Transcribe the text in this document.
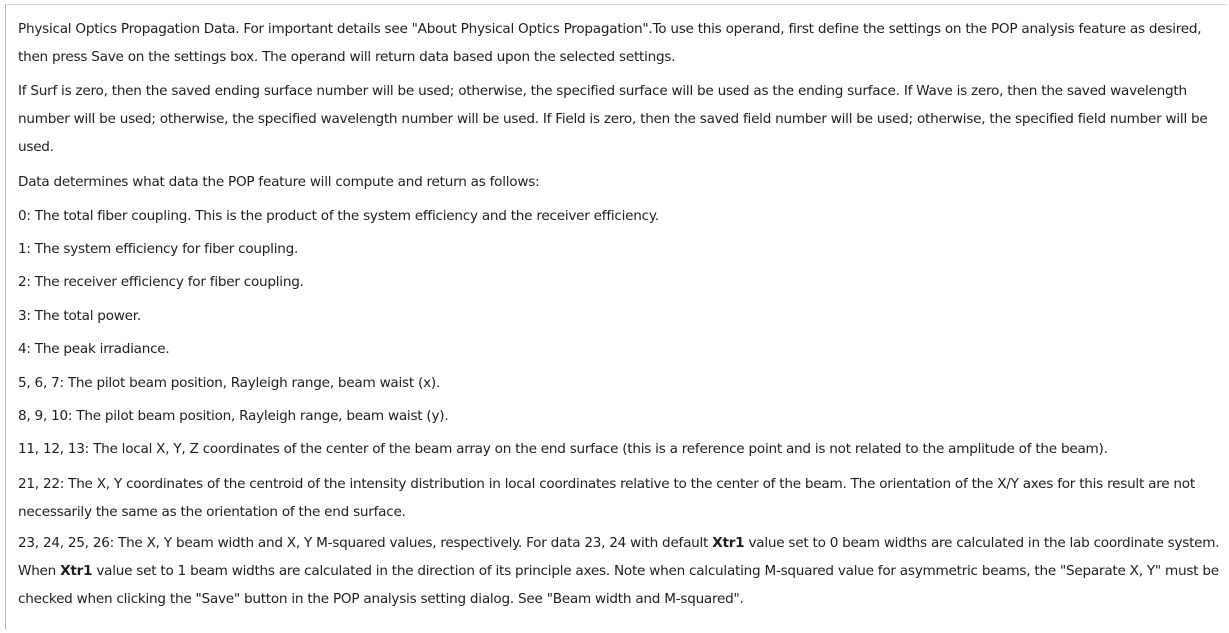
Physical Optics Propagation Data. For important details see "About Physical Optics Propagation".To use this operand, first define the settings on the POP analysis feature as desired, then press Save on the settings box. The operand will return data based upon the selected settings.

If Surf is zero, then the saved ending surface number will be used; otherwise, the specified surface will be used as the ending surface. If Wave is zero, then the saved wavelength number will be used; otherwise, the specified wavelength number will be used. If Field is zero, then the saved field number will be used; otherwise, the specified field number will be used.

Data determines what data the POP feature will compute and return as follows:

0: The total fiber coupling. This is the product of the system efficiency and the receiver efficiency.

1: The system efficiency for fiber coupling.

2: The receiver efficiency for fiber coupling.

3: The total power.

4: The peak irradiance.

5, 6, 7: The pilot beam position, Rayleigh range, beam waist (x).

8, 9, 10: The pilot beam position, Rayleigh range, beam waist (y).

11, 12, 13: The local X, Y, Z coordinates of the center of the beam array on the end surface (this is a reference point and is not related to the amplitude of the beam).

21, 22: The X, Y coordinates of the centroid of the intensity distribution in local coordinates relative to the center of the beam. The orientation of the X/Y axes for this result are not necessarily the same as the orientation of the end surface.

23, 24, 25, 26: The X, Y beam width and X, Y M-squared values, respectively. For data 23, 24 with default Xtr1 value set to 0 beam widths are calculated in the lab coordinate system. When Xtr1 value set to 1 beam widths are calculated in the direction of its principle axes. Note when calculating M-squared value for asymmetric beams, the "Separate X, Y" must be checked when clicking the "Save" button in the POP analysis setting dialog. See "Beam width and M-squared".
